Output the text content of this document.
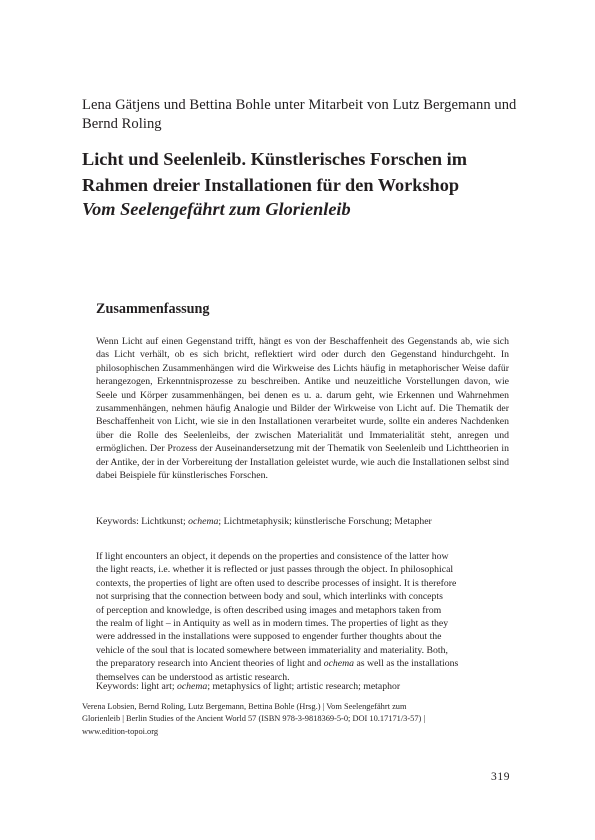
Lena Gätjens und Bettina Bohle unter Mitarbeit von Lutz Bergemann und Bernd Roling
Licht und Seelenleib. Künstlerisches Forschen im
Rahmen dreier Installationen für den Workshop
Vom Seelengefährt zum Glorienleib
Zusammenfassung

Wenn Licht auf einen Gegenstand trifft, hängt es von der Beschaffenheit des Gegenstands ab, wie sich das Licht verhält, ob es sich bricht, reflektiert wird oder durch den Gegenstand hindurchgeht. In philosophischen Zusammenhängen wird die Wirkweise des Lichts häufig in metaphorischer Weise dafür herangezogen, Erkenntnisprozesse zu beschreiben. Antike und neuzeitliche Vorstellungen davon, wie Seele und Körper zusammenhängen, bei denen es u. a. darum geht, wie Erkennen und Wahrnehmen zusammenhängen, nehmen häufig Analogie und Bilder der Wirkweise von Licht auf. Die Thematik der Beschaffenheit von Licht, wie sie in den Installationen verarbeitet wurde, sollte ein anderes Nachdenken über die Rolle des Seelenleibs, der zwischen Materialität und Immaterialität steht, anregen und ermöglichen. Der Prozess der Auseinandersetzung mit der Thematik von Seelenleib und Lichttheorien in der Antike, der in der Vorbereitung der Installation geleistet wurde, wie auch die Installationen selbst sind dabei Beispiele für künstlerisches Forschen.

Keywords: Lichtkunst; ochema; Lichtmetaphysik; künstlerische Forschung; Metapher
If light encounters an object, it depends on the properties and consistence of the latter how
the light reacts, i.e. whether it is reflected or just passes through the object. In philosophical
contexts, the properties of light are often used to describe processes of insight. It is therefore
not surprising that the connection between body and soul, which interlinks with concepts
of perception and knowledge, is often described using images and metaphors taken from
the realm of light – in Antiquity as well as in modern times. The properties of light as they
were addressed in the installations were supposed to engender further thoughts about the
vehicle of the soul that is located somewhere between immateriality and materiality. Both,
the preparatory research into Ancient theories of light and ochema as well as the installations
themselves can be understood as artistic research.
Keywords: light art; ochema; metaphysics of light; artistic research; metaphor
Verena Lobsien, Bernd Roling, Lutz Bergemann, Bettina Bohle (Hrsg.) | Vom Seelengefährt zum
Glorienleib | Berlin Studies of the Ancient World 57 (ISBN 978-3-9818369-5-0; DOI 10.17171/3-57) |
www.edition-topoi.org
319
